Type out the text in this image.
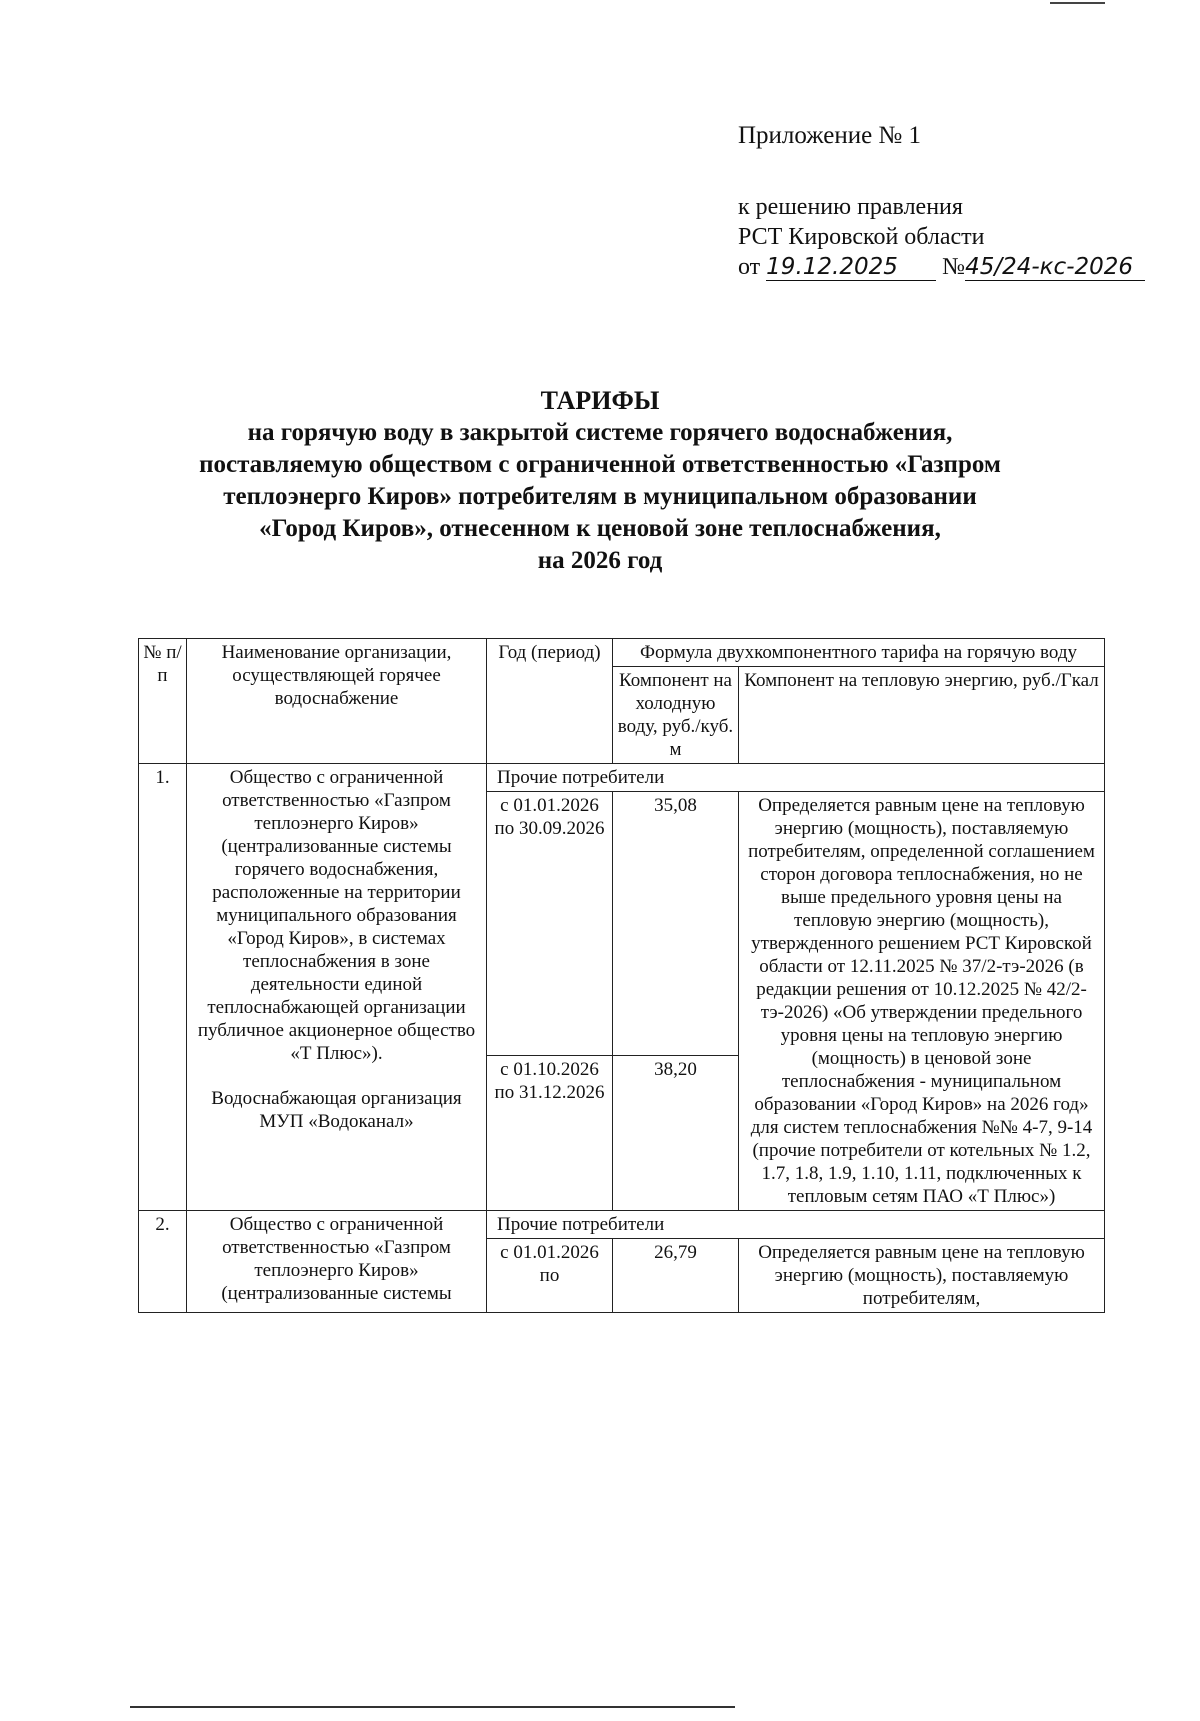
Приложение № 1
к решению правления
РСТ Кировской области
от 19.12.2025 №45/24-кс-2026
ТАРИФЫ
на горячую воду в закрытой системе горячего водоснабжения,
поставляемую обществом с ограниченной ответственностью «Газпром
теплоэнерго Киров» потребителям в муниципальном образовании
«Город Киров», отнесенном к ценовой зоне теплоснабжения,
на 2026 год
№ п/п	Наименование организации, осуществляющей горячее водоснабжение	Год (период)	Формула двухкомпонентного тарифа на горячую воду	
			Компонент на холодную воду, руб./куб. м	Компонент на тепловую энергию, руб./Гкал
1.	Общество с ограниченной ответственностью «Газпром теплоэнерго Киров» (централизованные системы горячего водоснабжения, расположенные на территории муниципального образования «Город Киров», в системах теплоснабжения в зоне деятельности единой теплоснабжающей организации публичное акционерное общество «Т Плюс»).
Водоснабжающая организация МУП «Водоканал»	Прочие потребители		

		с 01.01.2026 по 30.09.2026	35,08	Определяется равным цене на тепловую энергию (мощность), поставляемую потребителям, определенной соглашением сторон договора теплоснабжения, но не выше предельного уровня цены на тепловую энергию (мощность), утвержденного решением РСТ Кировской области от 12.11.2025 № 37/2-тэ-2026 (в редакции решения от 10.12.2025 № 42/2-тэ-2026) «Об утверждении предельного уровня цены на тепловую энергию (мощность) в ценовой зоне теплоснабжения - муниципальном образовании «Город Киров» на 2026 год» для систем теплоснабжения №№ 4-7, 9-14 (прочие потребители от котельных № 1.2, 1.7, 1.8, 1.9, 1.10, 1.11, подключенных к тепловым сетям ПАО «Т Плюс»)

		с 01.10.2026 по 31.12.2026	38,20	
2.	Общество с ограниченной ответственностью «Газпром теплоэнерго Киров» (централизованные системы	Прочие потребители		
		с 01.01.2026 по	26,79	Определяется равным цене на тепловую энергию (мощность), поставляемую потребителям,
